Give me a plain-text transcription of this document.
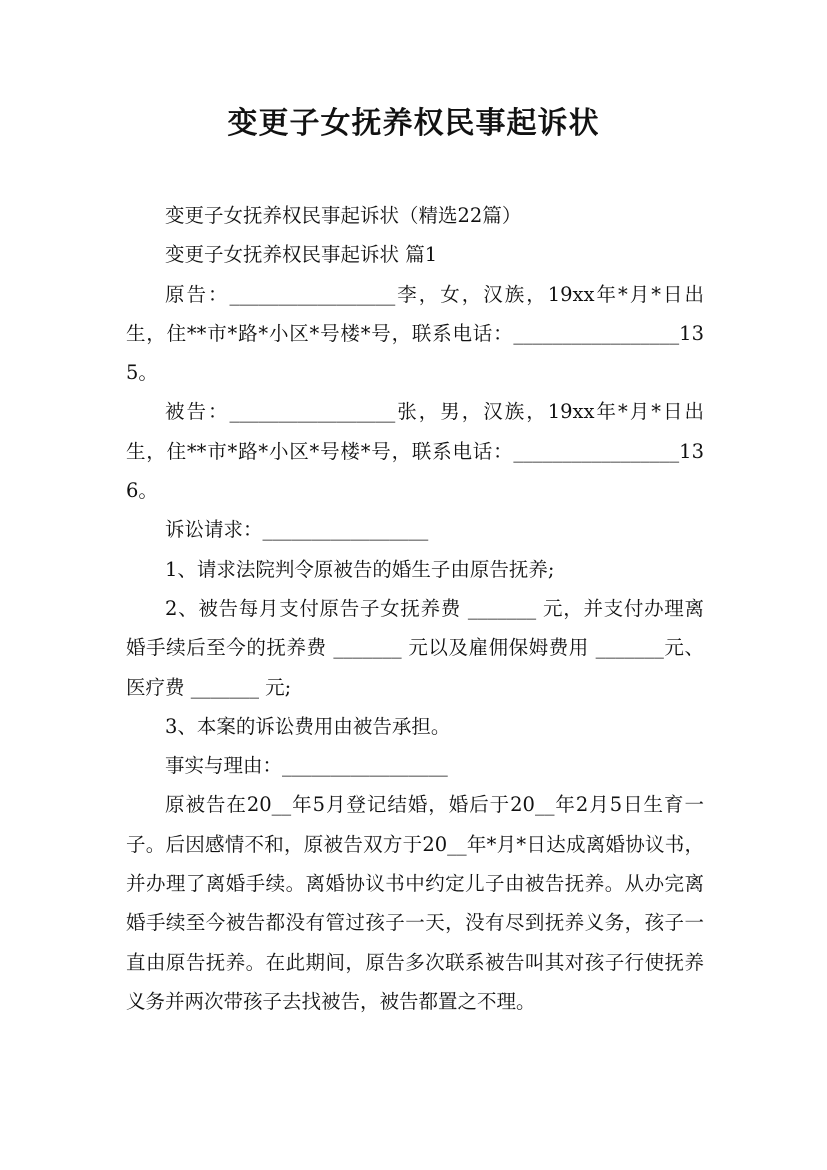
变更子女抚养权民事起诉状

变更子女抚养权民事起诉状（精选22篇）

变更子女抚养权民事起诉状 篇1

原告：_________________李，女，汉族，19xx年*月*日出生，住**市*路*小区*号楼*号，联系电话：_________________135。

被告：_________________张，男，汉族，19xx年*月*日出生，住**市*路*小区*号楼*号，联系电话：_________________136。

诉讼请求：_________________

1、请求法院判令原被告的婚生子由原告抚养;

2、被告每月支付原告子女抚养费 _______ 元，并支付办理离婚手续后至今的抚养费 _______ 元以及雇佣保姆费用 _______元、医疗费 _______ 元;

3、本案的诉讼费用由被告承担。

事实与理由：_________________

原被告在20__年5月登记结婚，婚后于20__年2月5日生育一子。后因感情不和，原被告双方于20__年*月*日达成离婚协议书，并办理了离婚手续。离婚协议书中约定儿子由被告抚养。从办完离婚手续至今被告都没有管过孩子一天，没有尽到抚养义务，孩子一直由原告抚养。在此期间，原告多次联系被告叫其对孩子行使抚养义务并两次带孩子去找被告，被告都置之不理。
